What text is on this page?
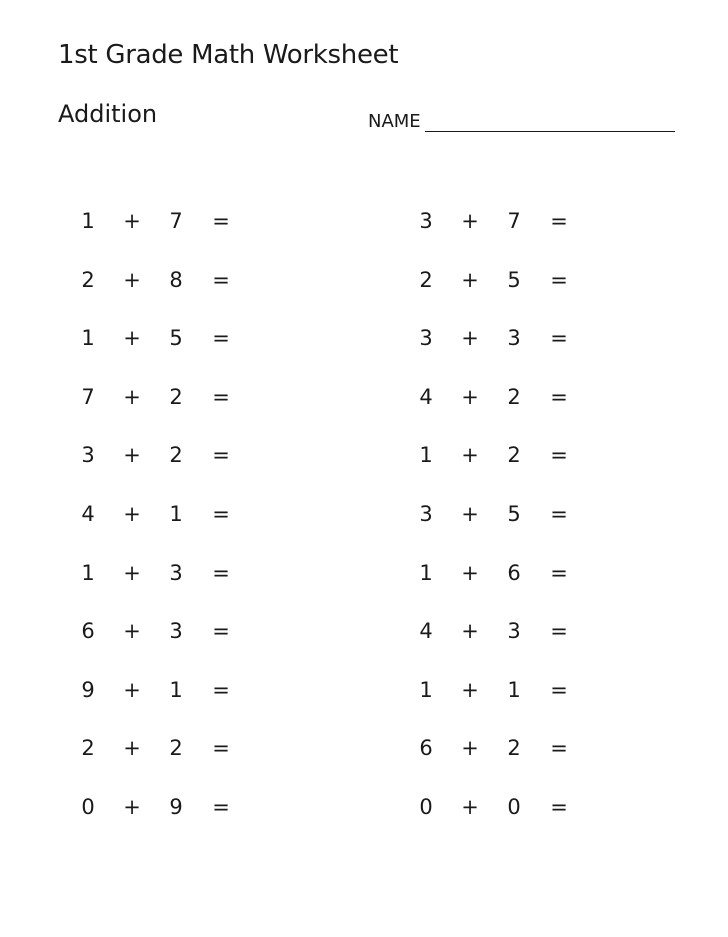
1st Grade Math Worksheet
Addition	NAME
1	+	7	=
2	+	8	=
1	+	5	=
7	+	2	=
3	+	2	=
4	+	1	=
1	+	3	=
6	+	3	=
9	+	1	=
2	+	2	=
0	+	9	=
3	+	7	=
2	+	5	=
3	+	3	=
4	+	2	=
1	+	2	=
3	+	5	=
1	+	6	=
4	+	3	=
1	+	1	=
6	+	2	=
0	+	0	=
